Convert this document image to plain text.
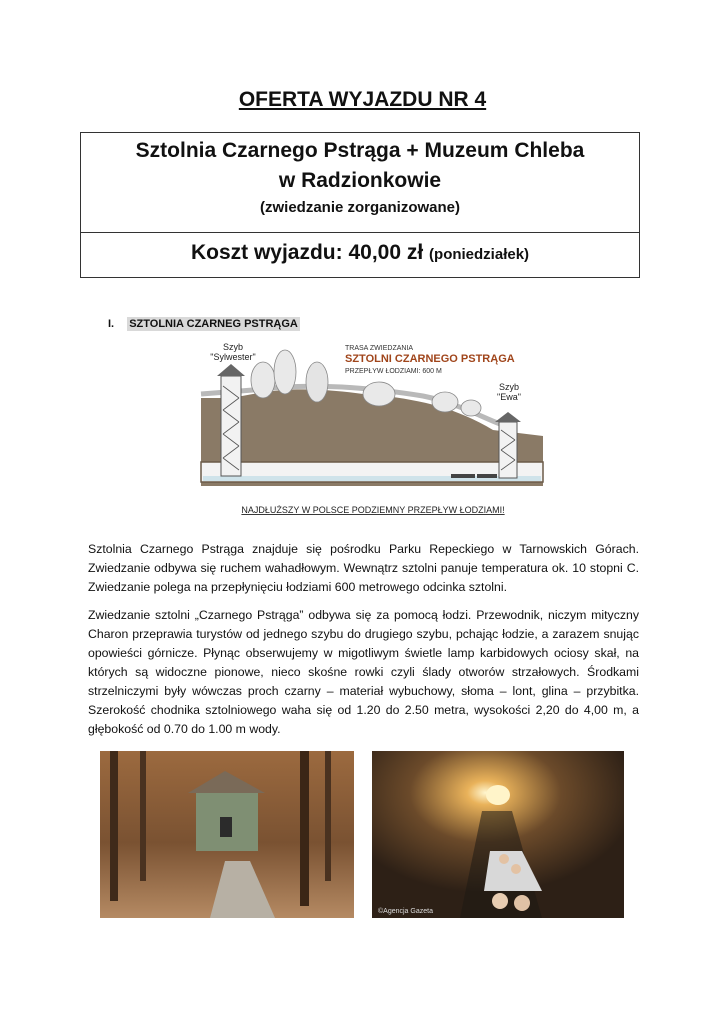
OFERTA WYJAZDU NR 4
Sztolnia Czarnego Pstrąga + Muzeum Chleba
w Radzionkowie
(zwiedzanie zorganizowane)
Koszt wyjazdu: 40,00 zł (poniedziałek)
I. SZTOLNIA CZARNEG PSTRĄGA
Szyb
"Sylwester"
Szyb
"Ewa"
TRASA ZWIEDZANIA
SZTOLNI CZARNEGO PSTRĄGA
PRZEPŁYW ŁODZIAMI: 600 M
NAJDŁUŻSZY W POLSCE PODZIEMNY PRZEPŁYW ŁODZIAMI!
Sztolnia Czarnego Pstrąga znajduje się pośrodku Parku Repeckiego w Tarnowskich Górach. Zwiedzanie odbywa się ruchem wahadłowym. Wewnątrz sztolni panuje temperatura ok. 10 stopni C. Zwiedzanie polega na przepłynięciu łodziami 600 metrowego odcinka sztolni.
Zwiedzanie sztolni „Czarnego Pstrąga” odbywa się za pomocą łodzi. Przewodnik, niczym mityczny Charon przeprawia turystów od jednego szybu do drugiego szybu, pchając łodzie, a zarazem snując opowieści górnicze. Płynąc obserwujemy w migotliwym świetle lamp karbidowych ociosy skał, na których są widoczne pionowe, nieco skośne rowki czyli ślady otworów strzałowych. Środkami strzelniczymi były wówczas proch czarny – materiał wybuchowy, słoma – lont, glina – przybitka. Szerokość chodnika sztolniowego waha się od 1.20 do 2.50 metra, wysokości 2,20 do 4,00 m, a głębokość od 0.70 do 1.00 m wody.
©Agencja Gazeta
